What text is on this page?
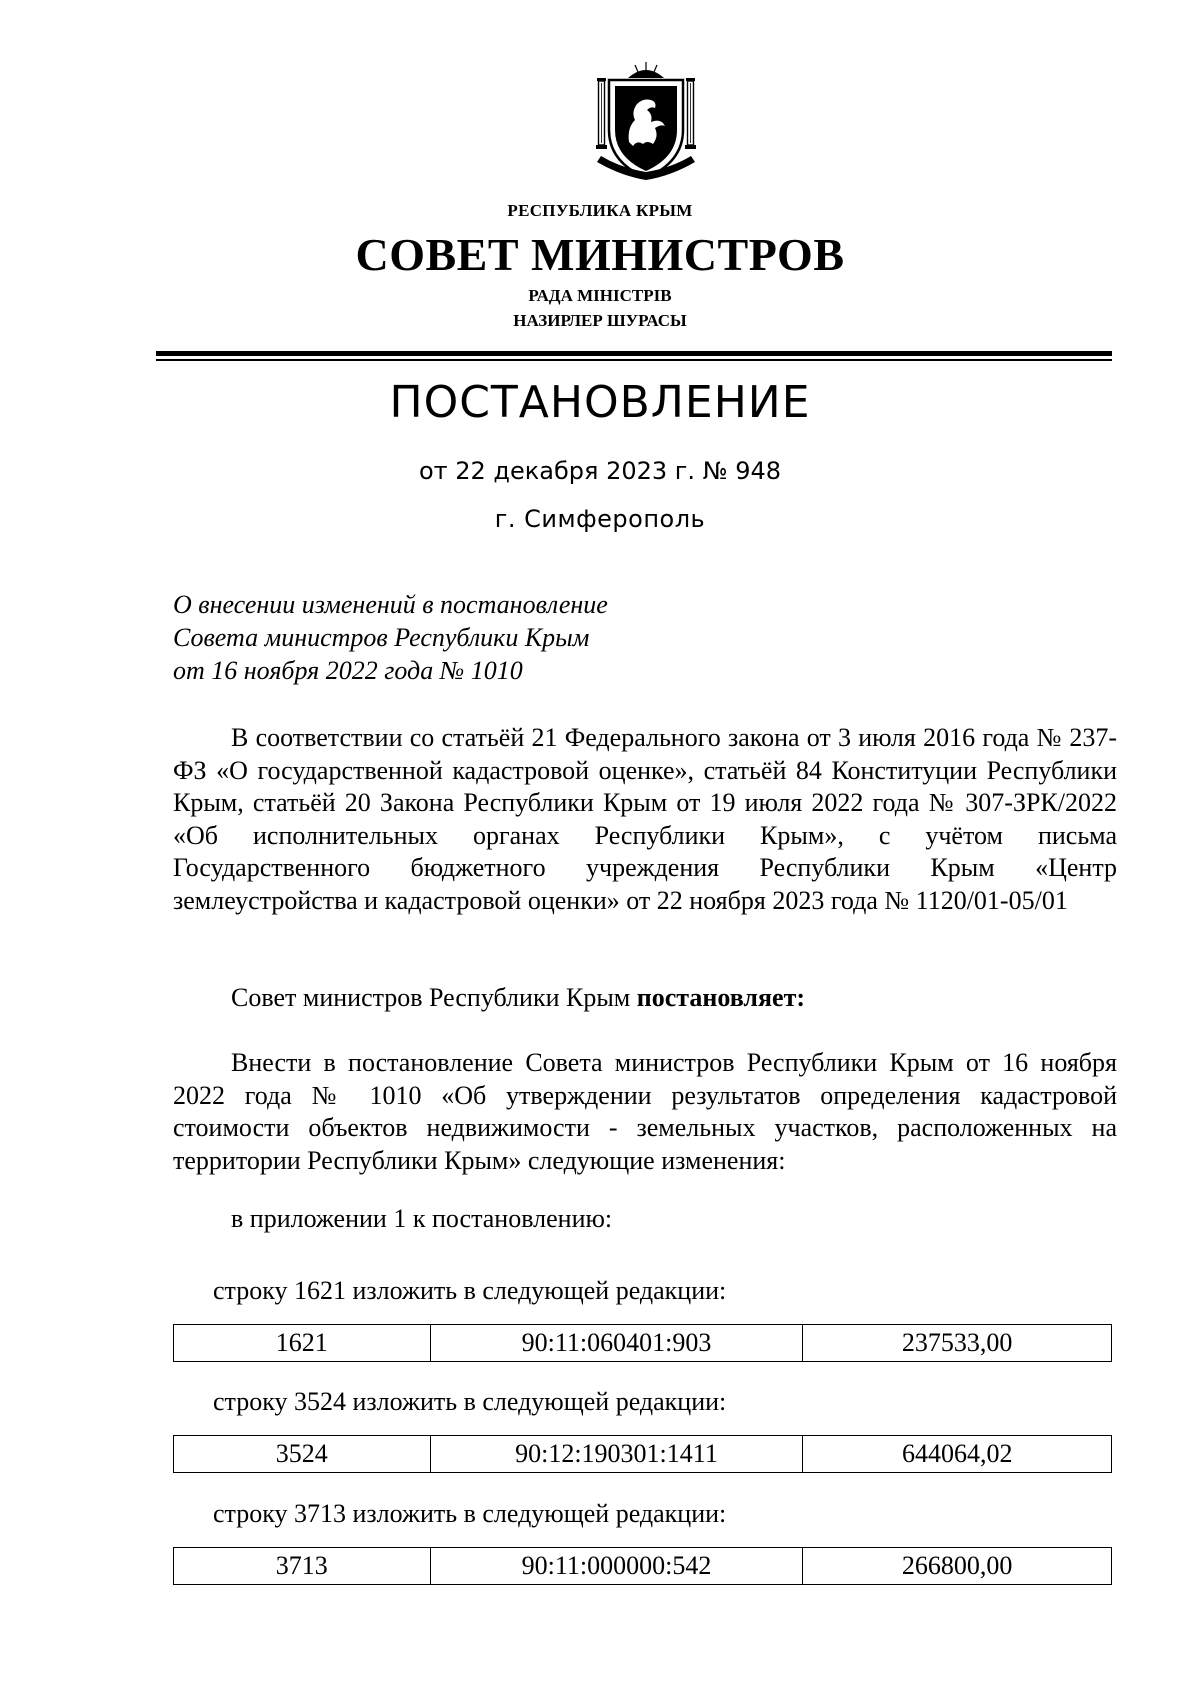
РЕСПУБЛИКА КРЫМ
СОВЕТ МИНИСТРОВ
РАДА МІНІСТРІВ
НАЗИРЛЕР ШУРАСЫ
ПОСТАНОВЛЕНИЕ
от 22 декабря 2023 г. № 948
г. Симферополь
О внесении изменений в постановление
Совета министров Республики Крым
от 16 ноября 2022 года № 1010

В соответствии со статьёй 21 Федерального закона от 3 июля 2016 года № 237-ФЗ «О государственной кадастровой оценке», статьёй 84 Конституции Республики Крым, статьёй 20 Закона Республики Крым от 19 июля 2022 года № 307-ЗРК/2022 «Об исполнительных органах Республики Крым», с учётом письма Государственного бюджетного учреждения Республики Крым «Центр землеустройства и кадастровой оценки» от 22 ноября 2023 года № 1120/01-05/01

Совет министров Республики Крым постановляет:

Внести в постановление Совета министров Республики Крым от 16 ноября 2022 года № 1010 «Об утверждении результатов определения кадастровой стоимости объектов недвижимости - земельных участков, расположенных на территории Республики Крым» следующие изменения:

в приложении 1 к постановлению:

строку 1621 изложить в следующей редакции:
1621	90:11:060401:903	237533,00
строку 3524 изложить в следующей редакции:
3524	90:12:190301:1411	644064,02
строку 3713 изложить в следующей редакции:
3713	90:11:000000:542	266800,00
